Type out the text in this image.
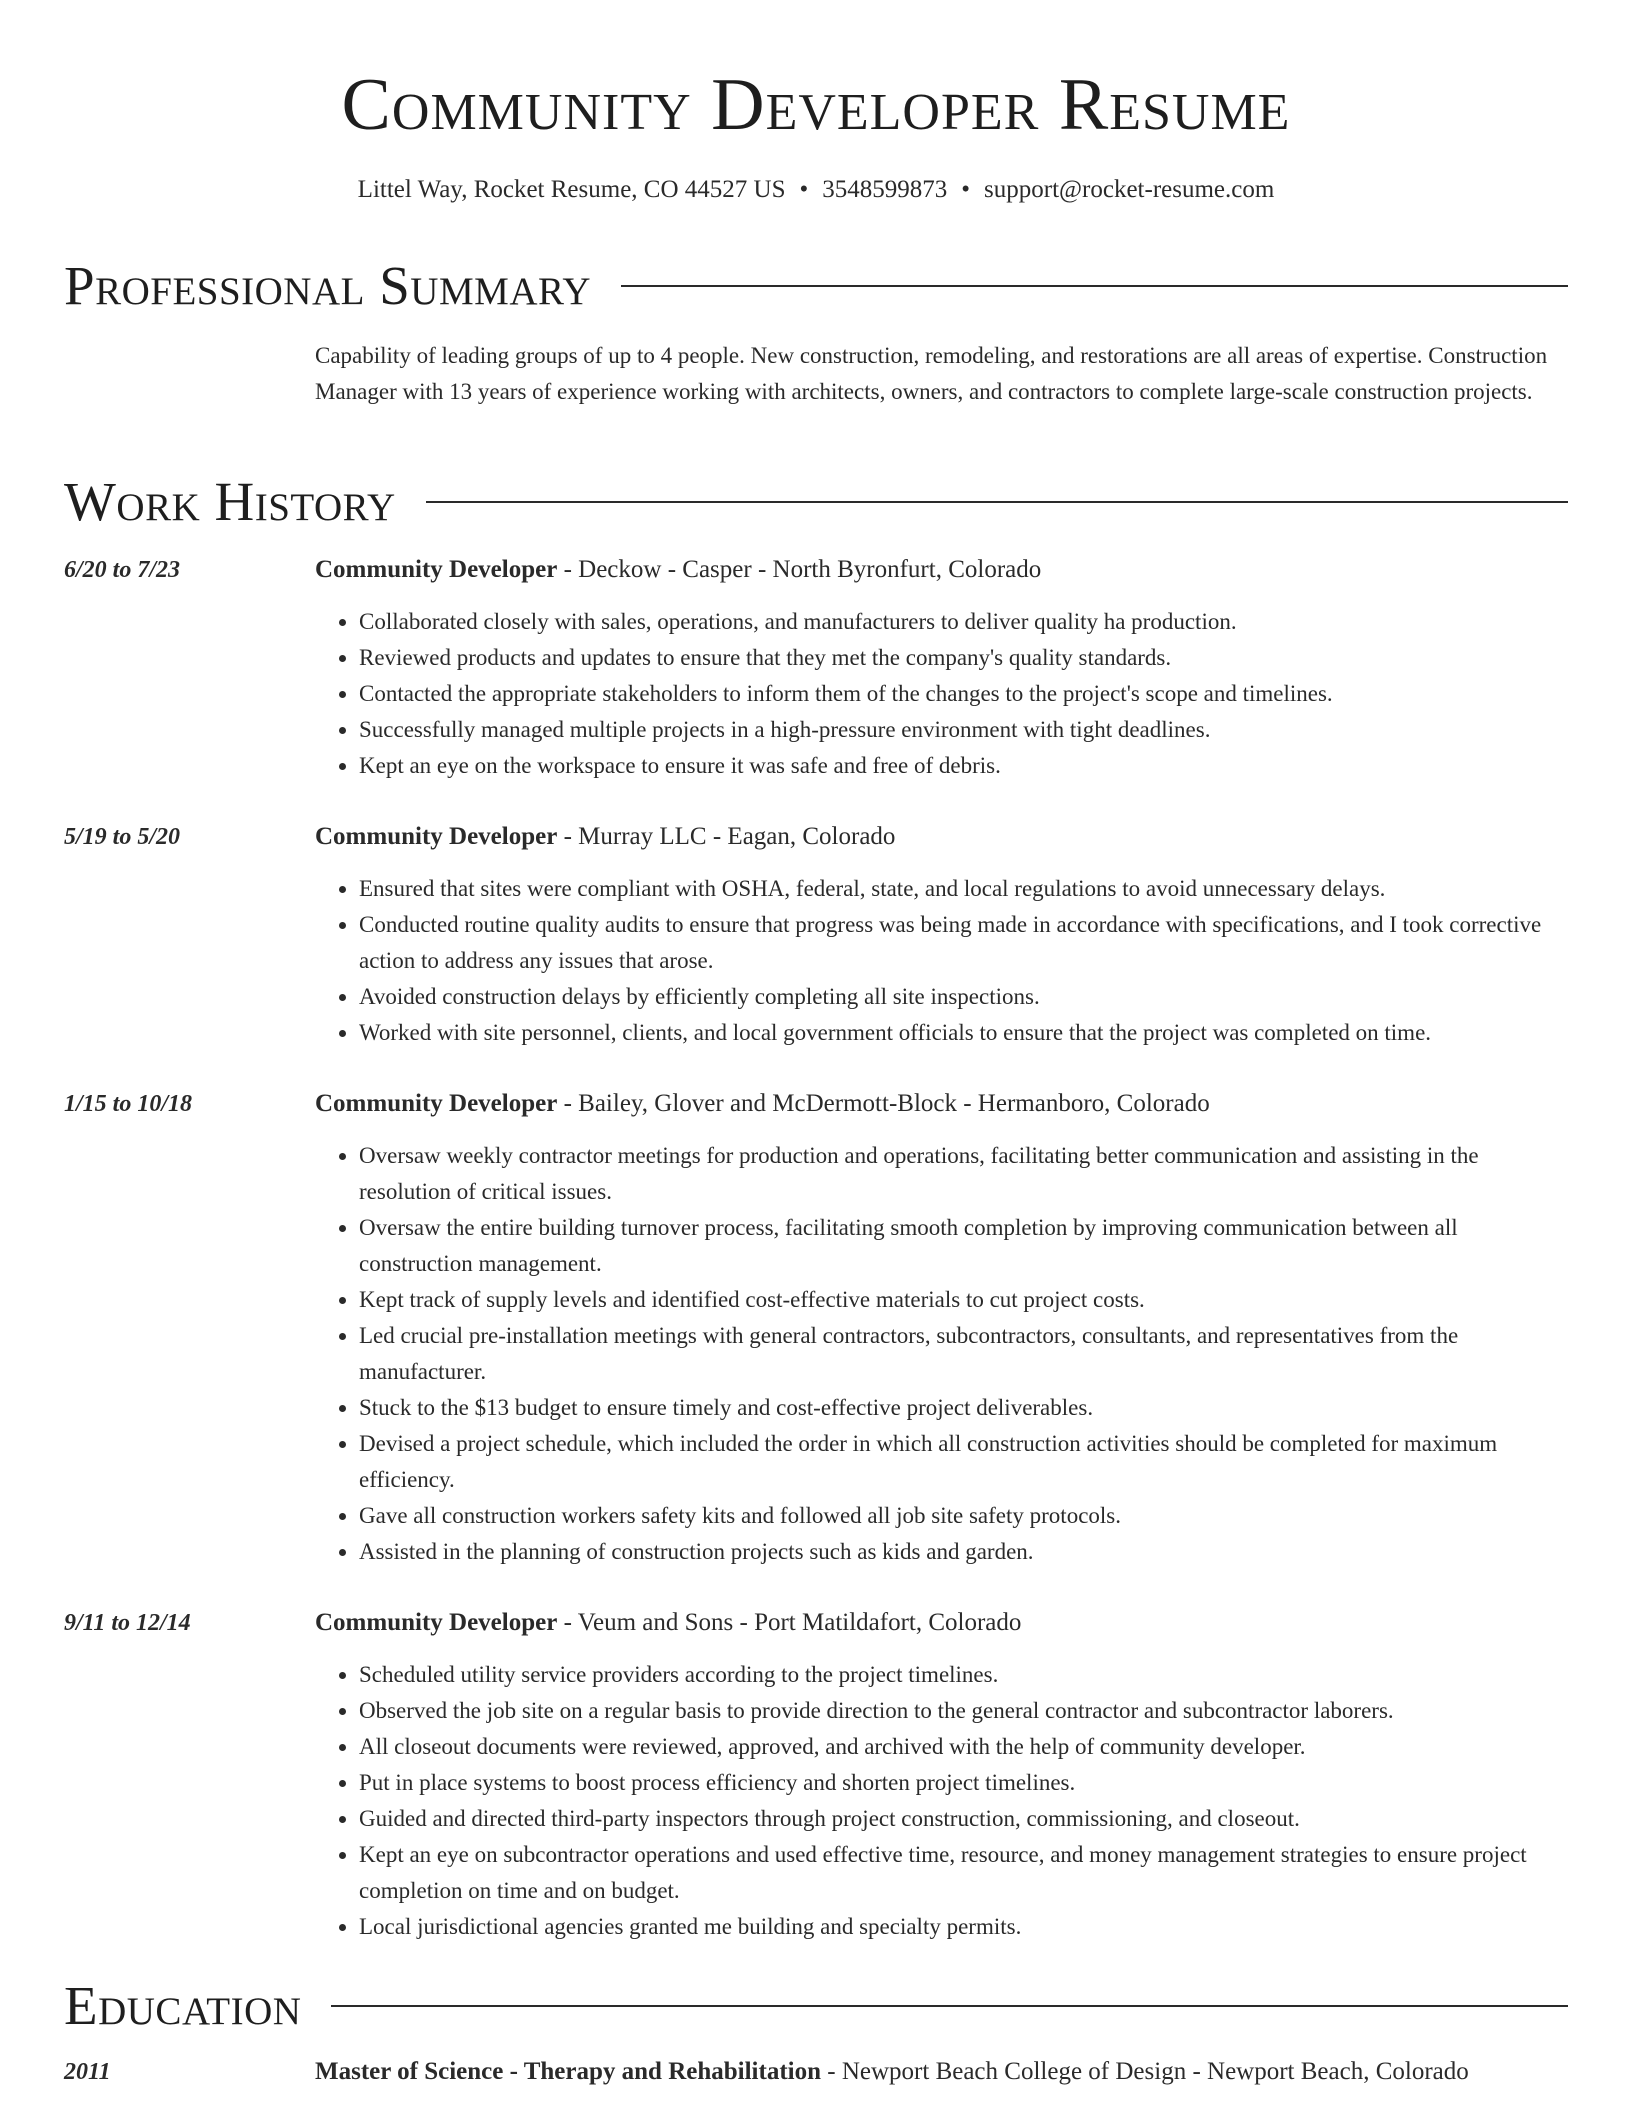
Community Developer Resume
Littel Way, Rocket Resume, CO 44527 US • 3548599873 • support@rocket-resume.com
Professional Summary

Capability of leading groups of up to 4 people. New construction, remodeling, and restorations are all areas of expertise. Construction Manager with 13 years of experience working with architects, owners, and contractors to complete large-scale construction projects.

Work History
6/20 to 7/23	Community Developer - Deckow - Casper - North Byronfurt, Colorado
• Collaborated closely with sales, operations, and manufacturers to deliver quality ha production.
• Reviewed products and updates to ensure that they met the company's quality standards.
• Contacted the appropriate stakeholders to inform them of the changes to the project's scope and timelines.
• Successfully managed multiple projects in a high-pressure environment with tight deadlines.
• Kept an eye on the workspace to ensure it was safe and free of debris.
5/19 to 5/20	Community Developer - Murray LLC - Eagan, Colorado
• Ensured that sites were compliant with OSHA, federal, state, and local regulations to avoid unnecessary delays.
• Conducted routine quality audits to ensure that progress was being made in accordance with specifications, and I took corrective action to address any issues that arose.
• Avoided construction delays by efficiently completing all site inspections.
• Worked with site personnel, clients, and local government officials to ensure that the project was completed on time.
1/15 to 10/18	Community Developer - Bailey, Glover and McDermott-Block - Hermanboro, Colorado
• Oversaw weekly contractor meetings for production and operations, facilitating better communication and assisting in the resolution of critical issues.
• Oversaw the entire building turnover process, facilitating smooth completion by improving communication between all construction management.
• Kept track of supply levels and identified cost-effective materials to cut project costs.
• Led crucial pre-installation meetings with general contractors, subcontractors, consultants, and representatives from the manufacturer.
• Stuck to the $13 budget to ensure timely and cost-effective project deliverables.
• Devised a project schedule, which included the order in which all construction activities should be completed for maximum efficiency.
• Gave all construction workers safety kits and followed all job site safety protocols.
• Assisted in the planning of construction projects such as kids and garden.
9/11 to 12/14	Community Developer - Veum and Sons - Port Matildafort, Colorado
• Scheduled utility service providers according to the project timelines.
• Observed the job site on a regular basis to provide direction to the general contractor and subcontractor laborers.
• All closeout documents were reviewed, approved, and archived with the help of community developer.
• Put in place systems to boost process efficiency and shorten project timelines.
• Guided and directed third-party inspectors through project construction, commissioning, and closeout.
• Kept an eye on subcontractor operations and used effective time, resource, and money management strategies to ensure project completion on time and on budget.
• Local jurisdictional agencies granted me building and specialty permits.
Education
2011	Master of Science - Therapy and Rehabilitation - Newport Beach College of Design - Newport Beach, Colorado
